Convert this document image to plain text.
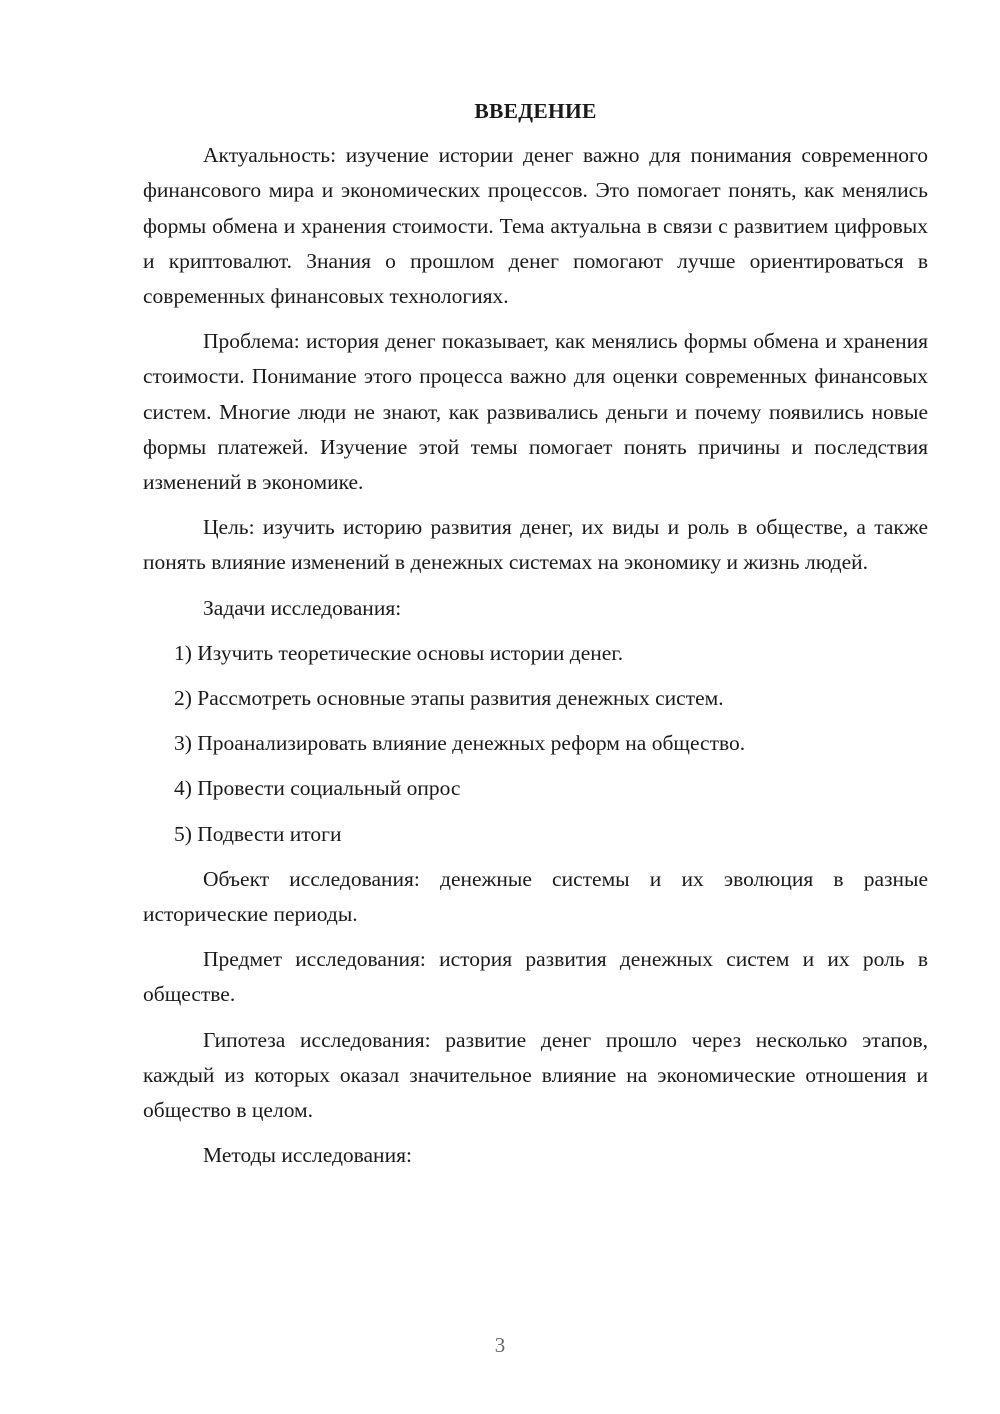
ВВЕДЕНИЕ

Актуальность: изучение истории денег важно для понимания современного финансового мира и экономических процессов. Это помогает понять, как менялись формы обмена и хранения стоимости. Тема актуальна в связи с развитием цифровых и криптовалют. Знания о прошлом денег помогают лучше ориентироваться в современных финансовых технологиях.

Проблема: история денег показывает, как менялись формы обмена и хранения стоимости. Понимание этого процесса важно для оценки современных финансовых систем. Многие люди не знают, как развивались деньги и почему появились новые формы платежей. Изучение этой темы помогает понять причины и последствия изменений в экономике.

Цель: изучить историю развития денег, их виды и роль в обществе, а также понять влияние изменений в денежных системах на экономику и жизнь людей.

Задачи исследования:

1) Изучить теоретические основы истории денег.
2) Рассмотреть основные этапы развития денежных систем.
3) Проанализировать влияние денежных реформ на общество.
4) Провести социальный опрос
5) Подвести итоги

Объект исследования: денежные системы и их эволюция в разные исторические периоды.

Предмет исследования: история развития денежных систем и их роль в обществе.

Гипотеза исследования: развитие денег прошло через несколько этапов, каждый из которых оказал значительное влияние на экономические отношения и общество в целом.

Методы исследования:

3
